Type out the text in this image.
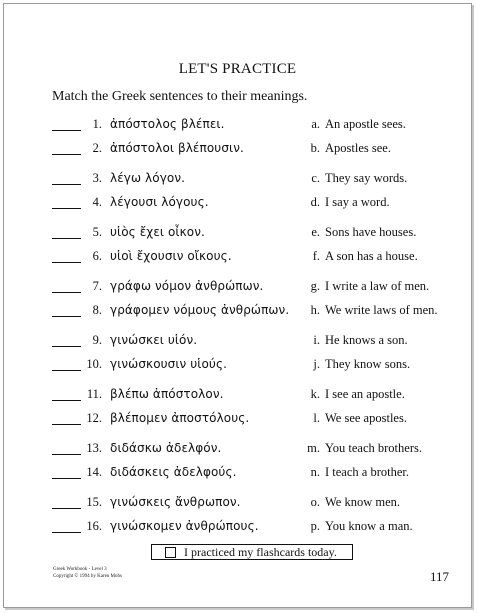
LET'S PRACTICE
Match the Greek sentences to their meanings.
1. ἀπόστολος βλέπει.	a. An apostle sees.
2. ἀπόστολοι βλέπουσιν.	b. Apostles see.
3. λέγω λόγον.	c. They say words.
4. λέγουσι λόγους.	d. I say a word.
5. υἱὸς ἔχει οἶκον.	e. Sons have houses.
6. υἱοὶ ἔχουσιν οἴκους.	f. A son has a house.
7. γράφω νόμον ἀνθρώπων.	g. I write a law of men.
8. γράφομεν νόμους ἀνθρώπων.	h. We write laws of men.
9. γινώσκει υἱόν.	i. He knows a son.
10. γινώσκουσιν υἱούς.	j. They know sons.
11. βλέπω ἀπόστολον.	k. I see an apostle.
12. βλέπομεν ἀποστόλους.	l. We see apostles.
13. διδάσκω ἀδελφόν.	m. You teach brothers.
14. διδάσκεις ἀδελφούς.	n. I teach a brother.
15. γινώσκεις ἄνθρωπον.	o. We know men.
16. γινώσκομεν ἀνθρώπους.	p. You know a man.
I practiced my flashcards today.
Greek Workbook - Level 3
Copyright © 1994 by Karen Mohs	117
